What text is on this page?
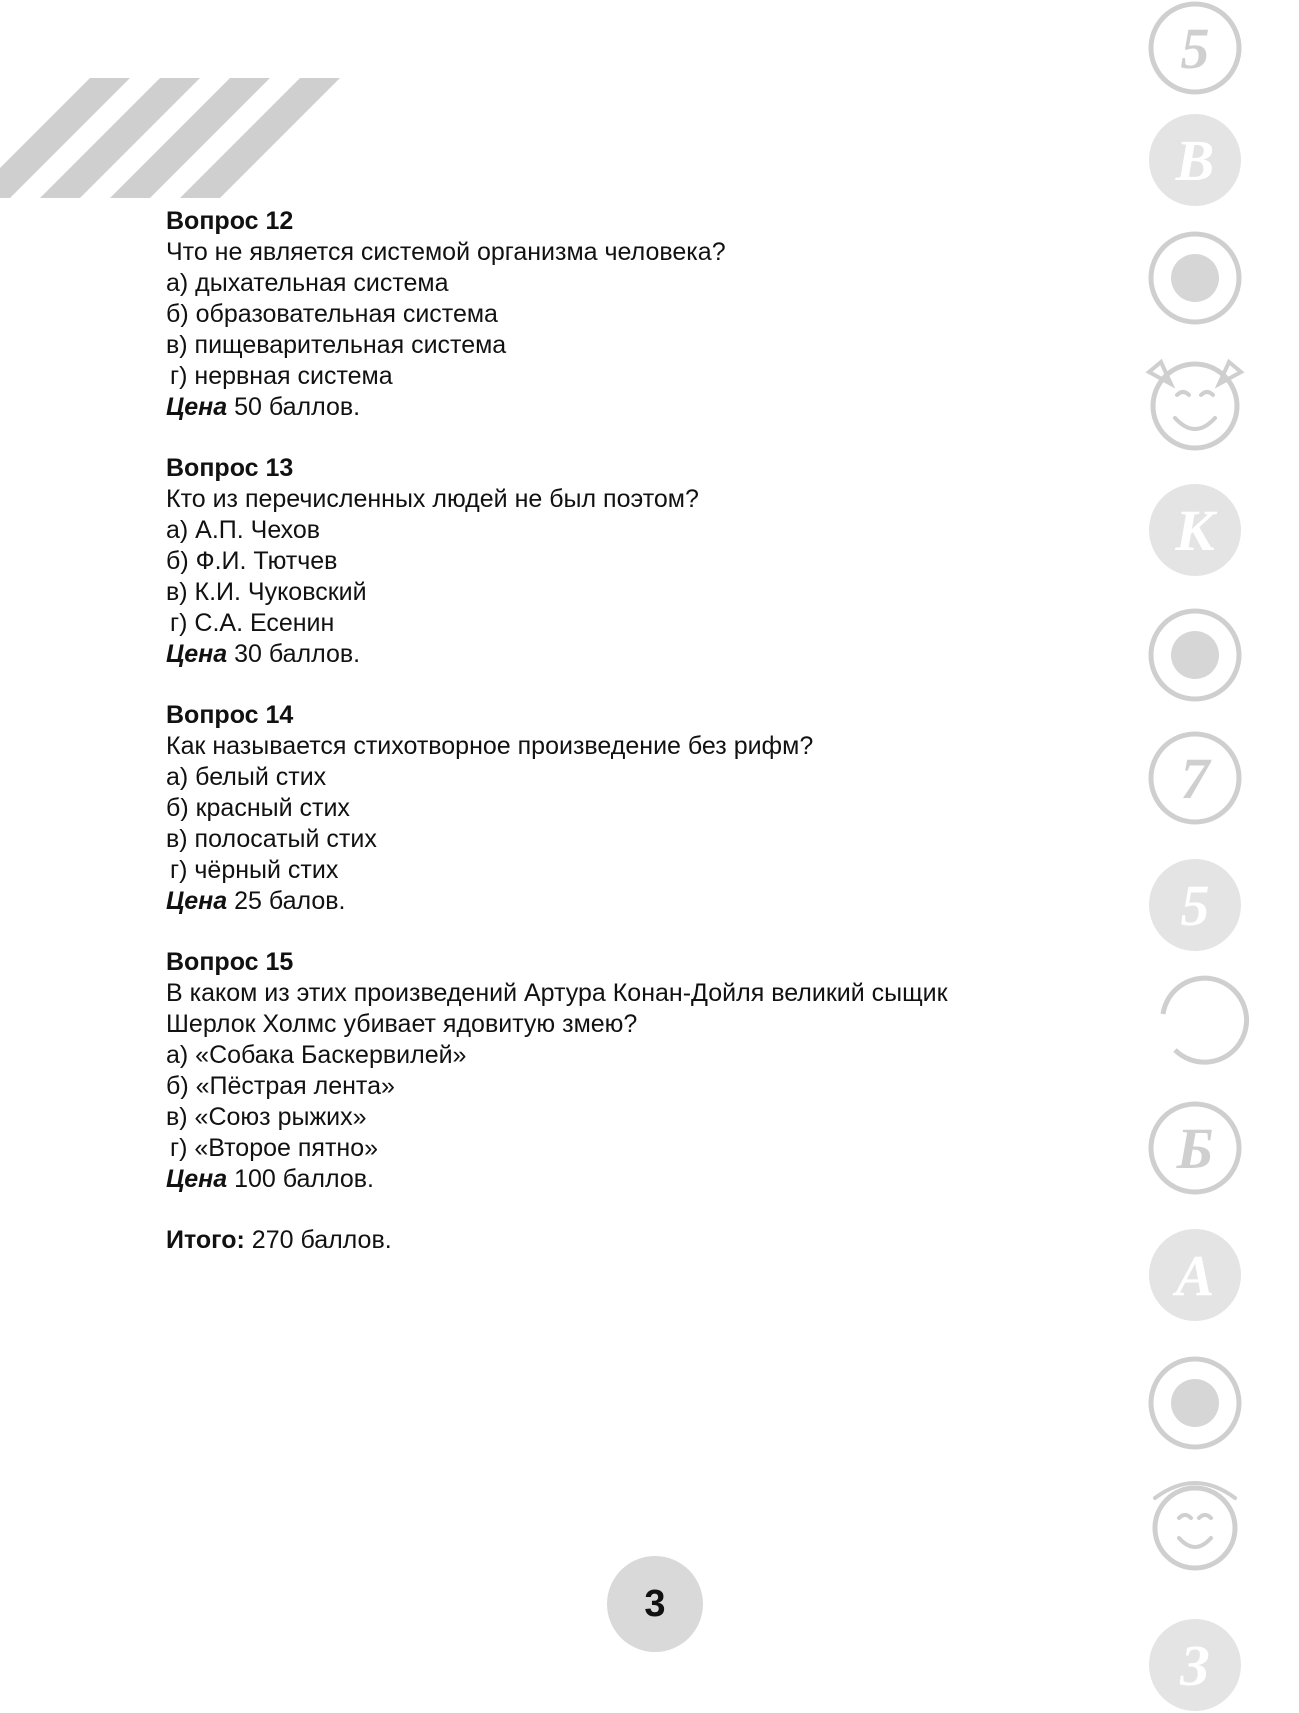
Вопрос 12
Что не является системой организма человека?
а) дыхательная система
б) образовательная система
в) пищеварительная система
г) нервная система
Цена 50 баллов.
Вопрос 13
Кто из перечисленных людей не был поэтом?
а) А.П. Чехов
б) Ф.И. Тютчев
в) К.И. Чуковский
г) С.А. Есенин
Цена 30 баллов.
Вопрос 14
Как называется стихотворное произведение без рифм?
а) белый стих
б) красный стих
в) полосатый стих
г) чёрный стих
Цена 25 балов.
Вопрос 15
В каком из этих произведений Артура Конан-Дойля великий сыщик
Шерлок Холмс убивает ядовитую змею?
а) «Собака Баскервилей»
б) «Пёстрая лента»
в) «Союз рыжих»
г) «Второе пятно»
Цена 100 баллов.
Итого: 270 баллов.
3
5
В
К
7
5
Б
А
З
